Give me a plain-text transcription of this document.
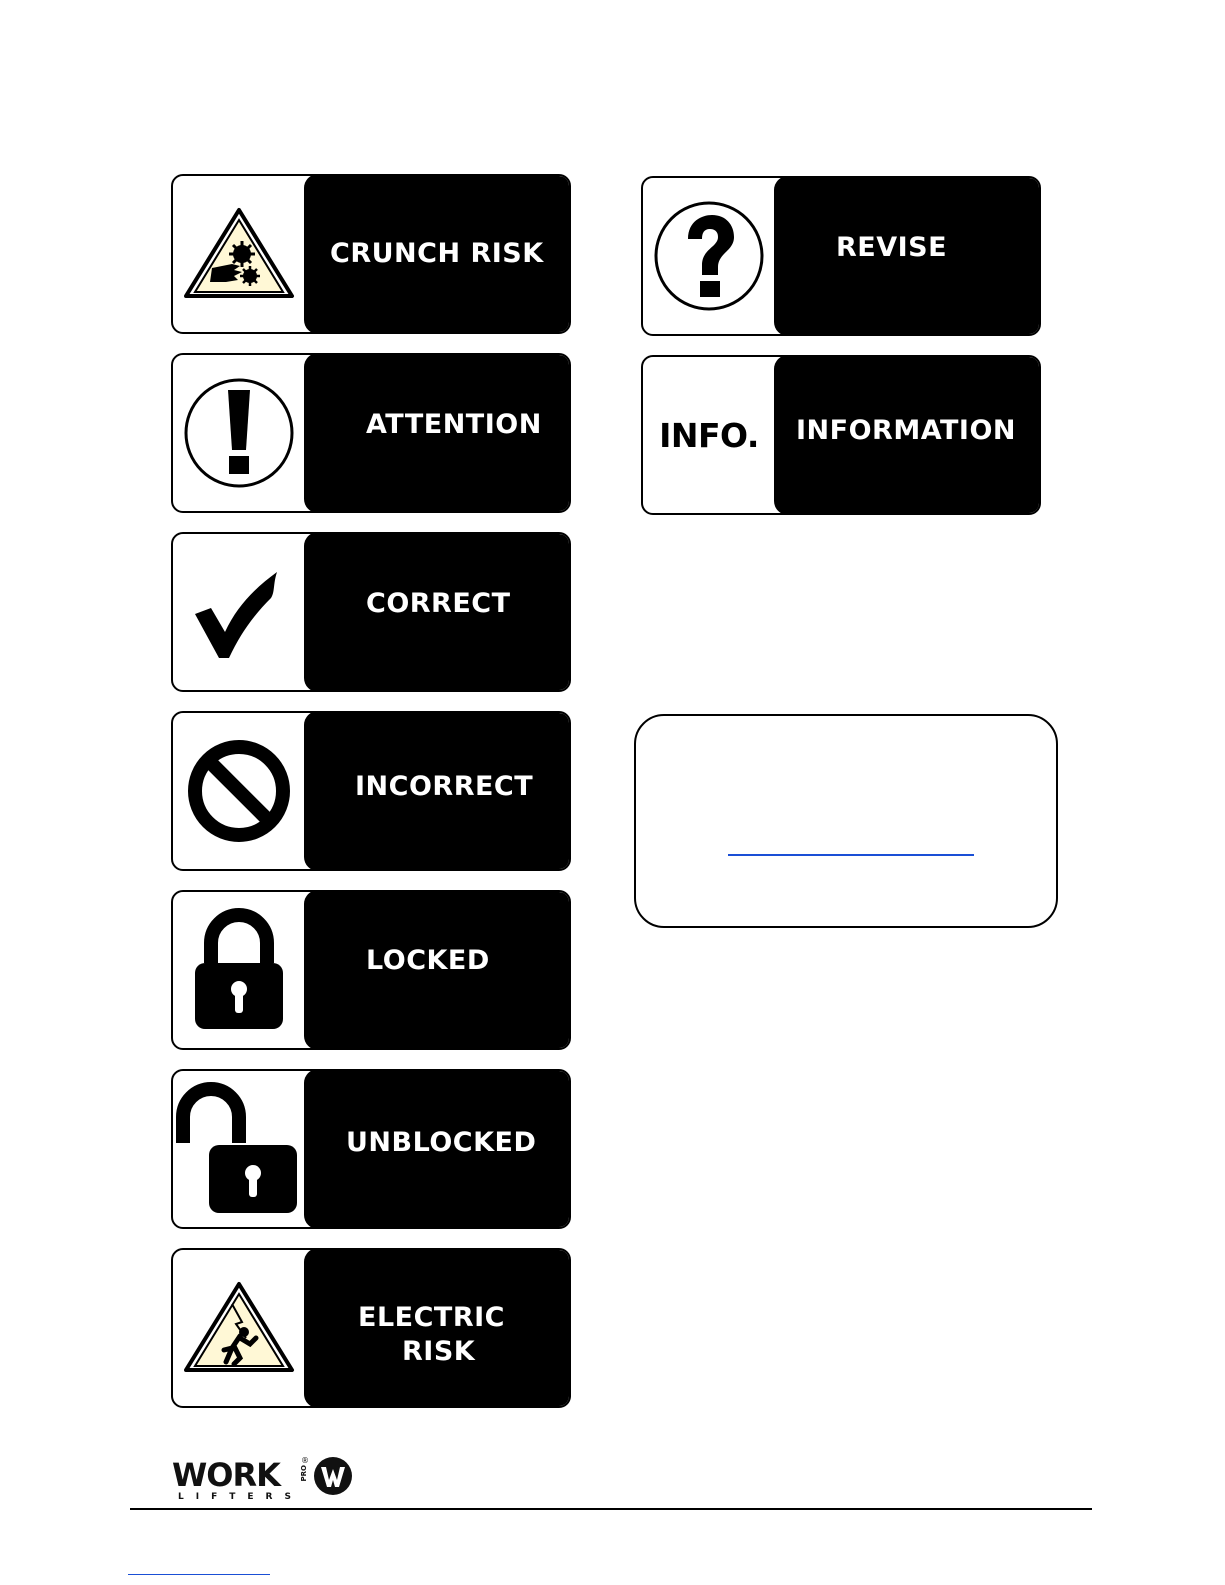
CRUNCH RISK
ATTENTION
CORRECT
INCORRECT
LOCKED
UNBLOCKED
ELECTRIC
RISK
REVISE
INFO. INFORMATION
WORK	®
PRO
LIFTERS
